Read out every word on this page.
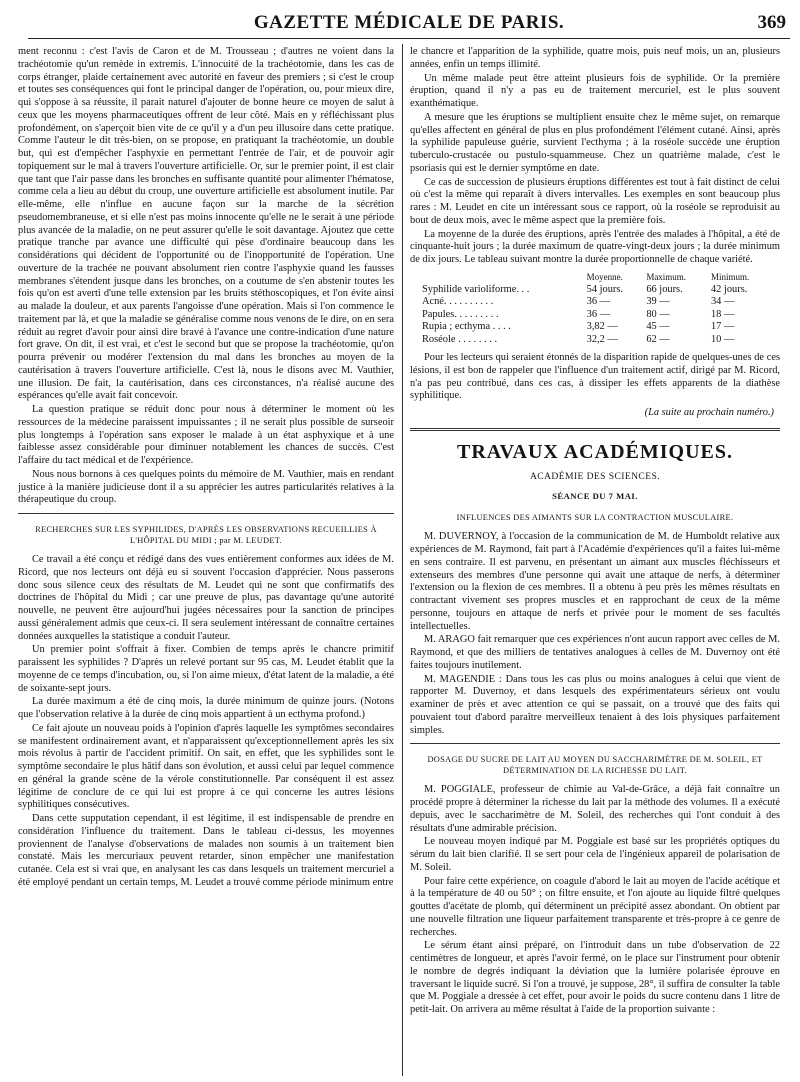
GAZETTE MÉDICALE DE PARIS.	369

ment reconnu : c'est l'avis de Caron et de M. Trousseau ; d'autres ne voient dans la trachéotomie qu'un remède in extremis. L'innocuité de la trachéotomie, dans les cas de corps étranger, plaide certainement avec autorité en faveur des premiers ; si c'est le croup et toutes ses conséquences qui font le principal danger de l'opération, ou, pour mieux dire, qui s'oppose à sa réussite, il parait naturel d'ajouter de bonne heure ce moyen de salut à ceux que les moyens pharmaceutiques offrent de leur côté. Mais en y réfléchissant plus profondément, on s'aperçoit bien vite de ce qu'il y a d'un peu illusoire dans cette pratique. Comme l'auteur le dit très-bien, on se propose, en pratiquant la trachéotomie, un double but, qui est d'empêcher l'asphyxie en permettant l'entrée de l'air, et de pouvoir agir topiquement sur le mal à travers l'ouverture artificielle. Or, sur le premier point, il est clair que tant que l'air passe dans les bronches en suffisante quantité pour alimenter l'hématose, comme cela a lieu au début du croup, une ouverture artificielle est absolument inutile. Par elle-même, elle n'influe en aucune façon sur la marche de la sécrétion pseudomembraneuse, et si elle n'est pas moins innocente qu'elle ne le serait à une période plus avancée de la maladie, on ne peut assurer qu'elle le soit davantage. Ajoutez que cette pratique tranche par avance une difficulté qui pèse d'ordinaire beaucoup dans les considérations qui décident de l'opportunité ou de l'inopportunité de l'opération. Une ouverture de la trachée ne pouvant absolument rien contre l'asphyxie quand les fausses membranes s'étendent jusque dans les bronches, on a coutume de s'en abstenir toutes les fois qu'on est averti d'une telle extension par les bruits stéthoscopiques, et l'on évite ainsi au malade la douleur, et aux parents l'angoisse d'une opération. Mais si l'on commence le traitement par là, et que la maladie se généralise comme nous venons de le dire, on en sera réduit au regret d'avoir pour ainsi dire bravé à l'avance une contre-indication d'une nature fort grave. On dit, il est vrai, et c'est le second but que se propose la trachéotomie, qu'on pourra prévenir ou modérer l'extension du mal dans les bronches au moyen de la cautérisation à travers l'ouverture artificielle. C'est là, nous le disons avec M. Vauthier, une illusion. De fait, la cautérisation, dans ces circonstances, n'a réalisé aucune des espérances qu'elle avait fait concevoir.

La question pratique se réduit donc pour nous à déterminer le moment où les ressources de la médecine paraissent impuissantes ; il ne serait plus possible de surseoir plus longtemps à l'opération sans exposer le malade à un état asphyxique et à une faiblesse assez considérable pour diminuer notablement les chances de succès. C'est l'affaire du tact médical et de l'expérience.

Nous nous bornons à ces quelques points du mémoire de M. Vauthier, mais en rendant justice à la manière judicieuse dont il a su apprécier les autres particularités relatives à la thérapeutique du croup.

RECHERCHES SUR LES SYPHILIDES, D'APRÈS LES OBSERVATIONS RECUEILLIES À L'HÔPITAL DU MIDI ; par M. LEUDET.

Ce travail a été conçu et rédigé dans des vues entièrement conformes aux idées de M. Ricord, que nos lecteurs ont déjà eu si souvent l'occasion d'apprécier. Nous passerons donc sous silence ceux des résultats de M. Leudet qui ne sont que confirmatifs des doctrines de l'hôpital du Midi ; car une preuve de plus, pas davantage qu'une autorité nouvelle, ne peuvent être aujourd'hui jugées nécessaires pour la sanction de principes aussi généralement admis que ceux-ci. Il sera seulement intéressant de connaître certaines données auxquelles la statistique a conduit l'auteur.

Un premier point s'offrait à fixer. Combien de temps après le chancre primitif paraissent les syphilides ? D'après un relevé portant sur 95 cas, M. Leudet établit que la moyenne de ce temps d'incubation, ou, si l'on aime mieux, d'état latent de la maladie, a été de soixante-sept jours.

La durée maximum a été de cinq mois, la durée minimum de quinze jours. (Notons que l'observation relative à la durée de cinq mois appartient à un ecthyma profond.)

Ce fait ajoute un nouveau poids à l'opinion d'après laquelle les symptômes secondaires se manifestent ordinairement avant, et n'apparaissent qu'exceptionnellement après les six mois révolus à partir de l'accident primitif. On sait, en effet, que les syphilides sont le symptôme secondaire le plus hâtif dans son évolution, et aussi celui par lequel commence en général la grande scène de la vérole constitutionnelle. Par conséquent il est assez légitime de conclure de ce qui lui est propre à ce qui concerne les autres lésions syphilitiques consécutives.

Dans cette supputation cependant, il est légitime, il est indispensable de prendre en considération l'influence du traitement. Dans le tableau ci-dessus, les moyennes proviennent de l'analyse d'observations de malades non soumis à un traitement bien constaté. Mais les mercuriaux peuvent retarder, sinon empêcher une manifestation cutanée. Cela est si vrai que, en analysant les cas dans lesquels un traitement mercuriel a été employé pendant un certain temps, M. Leudet a trouvé comme période minimum entre

le chancre et l'apparition de la syphilide, quatre mois, puis neuf mois, un an, plusieurs années, enfin un temps illimité.

Un même malade peut être atteint plusieurs fois de syphilide. Or la première éruption, quand il n'y a pas eu de traitement mercuriel, est le plus souvent exanthématique.

A mesure que les éruptions se multiplient ensuite chez le même sujet, on remarque qu'elles affectent en général de plus en plus profondément l'élément cutané. Ainsi, après la syphilide papuleuse guérie, survient l'ecthyma ; à la roséole succède une éruption tuberculo-crustacée ou pustulo-squammeuse. Chez un quatrième malade, c'est le psoriasis qui est le dernier symptôme en date.

Ce cas de succession de plusieurs éruptions différentes est tout à fait distinct de celui où c'est la même qui reparaît à divers intervalles. Les exemples en sont beaucoup plus rares : M. Leudet en cite un intéressant sous ce rapport, où la roséole se reproduisit au bout de deux mois, avec le même aspect que la première fois.

La moyenne de la durée des éruptions, après l'entrée des malades à l'hôpital, a été de cinquante-huit jours ; la durée maximum de quatre-vingt-deux jours ; la durée minimum de dix jours. Le tableau suivant montre la durée proportionnelle de chaque variété.

	Moyenne.	Maximum.	Minimum.
Syphilide varioliforme. . .	54 jours.	66 jours.	42 jours.
Acné. . . . . . . . . .	36 —	39 —	34 —
Papules. . . . . . . . .	36 —	80 —	18 —
Rupia ; ecthyma . . . .	3,82 —	45 —	17 —
Roséole . . . . . . . .	32,2 —	62 —	10 —

Pour les lecteurs qui seraient étonnés de la disparition rapide de quelques-unes de ces lésions, il est bon de rappeler que l'influence d'un traitement actif, dirigé par M. Ricord, n'a pas peu contribué, dans ces cas, à dissiper les effets apparents de la diathèse syphilitique.

(La suite au prochain numéro.)
TRAVAUX ACADÉMIQUES.
ACADÉMIE DES SCIENCES.
SÉANCE DU 7 MAI.
INFLUENCES DES AIMANTS SUR LA CONTRACTION MUSCULAIRE.

M. DUVERNOY, à l'occasion de la communication de M. de Humboldt relative aux expériences de M. Raymond, fait part à l'Académie d'expériences qu'il a faites lui-même en sens contraire. Il est parvenu, en présentant un aimant aux muscles fléchisseurs et extenseurs des membres d'une personne qui avait une attaque de nerfs, à déterminer l'extension ou la flexion de ces membres. Il a obtenu à peu près les mêmes résultats en contractant vivement ses propres muscles et en rapprochant de ceux de la même personne, toujours en attaque de nerfs et privée pour le moment de ses facultés intellectuelles.

M. ARAGO fait remarquer que ces expériences n'ont aucun rapport avec celles de M. Raymond, et que des milliers de tentatives analogues à celles de M. Duvernoy ont été faites toujours inutilement.

M. MAGENDIE : Dans tous les cas plus ou moins analogues à celui que vient de rapporter M. Duvernoy, et dans lesquels des expérimentateurs sérieux ont voulu examiner de près et avec attention ce qui se passait, on a trouvé que des faits qui pouvaient tout d'abord paraître merveilleux tenaient à des lois physiques parfaitement simples.

DOSAGE DU SUCRE DE LAIT AU MOYEN DU SACCHARIMÈTRE DE M. SOLEIL, ET DÉTERMINATION DE LA RICHESSE DU LAIT.

M. POGGIALE, professeur de chimie au Val-de-Grâce, a déjà fait connaître un procédé propre à déterminer la richesse du lait par la méthode des volumes. Il a exécuté depuis, avec le saccharimètre de M. Soleil, des recherches qui l'ont conduit à des résultats d'une admirable précision.

Le nouveau moyen indiqué par M. Poggiale est basé sur les propriétés optiques du sérum du lait bien clarifié. Il se sert pour cela de l'ingénieux appareil de polarisation de M. Soleil.

Pour faire cette expérience, on coagule d'abord le lait au moyen de l'acide acétique et à la température de 40 ou 50° ; on filtre ensuite, et l'on ajoute au liquide filtré quelques gouttes d'acétate de plomb, qui déterminent un précipité assez abondant. On obtient par une nouvelle filtration une liqueur parfaitement transparente et très-propre à ce genre de recherches.

Le sérum étant ainsi préparé, on l'introduit dans un tube d'observation de 22 centimètres de longueur, et après l'avoir fermé, on le place sur l'instrument pour obtenir le nombre de degrés indiquant la déviation que la lumière polarisée éprouve en traversant le liquide sucré. Si l'on a trouvé, je suppose, 28°, il suffira de consulter la table que M. Poggiale a dressée à cet effet, pour avoir le poids du sucre contenu dans 1 litre de petit-lait. On arrivera au même résultat à l'aide de la proportion suivante :
